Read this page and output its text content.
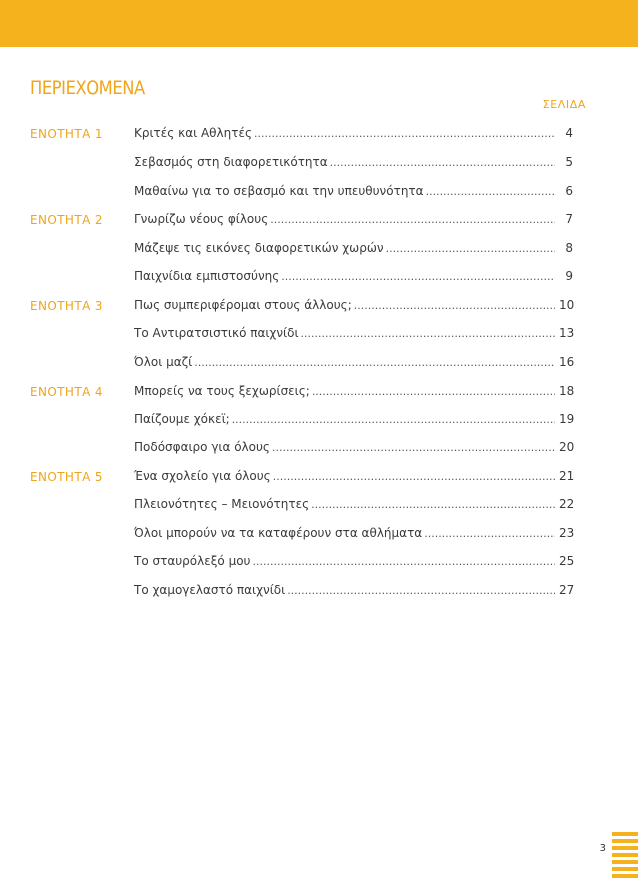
ΠΕΡΙΕΧΟΜΕΝΑ
ΣΕΛΙΔΑ
ΕΝΟΤΗΤΑ 1	Κριτές και Αθλητές .....	4
Σεβασμός στη διαφορετικότητα .....	5
Μαθαίνω για το σεβασμό και την υπευθυνότητα .....	6
ΕΝΟΤΗΤΑ 2	Γνωρίζω νέους φίλους .....	7
Μάζεψε τις εικόνες διαφορετικών χωρών .....	8
Παιχνίδια εμπιστοσύνης .....	9
ΕΝΟΤΗΤΑ 3	Πως συμπεριφέρομαι στους άλλους; .....	10
Το Αντιρατσιστικό παιχνίδι .....	13
Όλοι μαζί .....	16
ΕΝΟΤΗΤΑ 4	Μπορείς να τους ξεχωρίσεις; .....	18
Παίζουμε χόκεϊ; .....	19
Ποδόσφαιρο για όλους .....	20
ΕΝΟΤΗΤΑ 5	Ένα σχολείο για όλους .....	21
Πλειονότητες – Μειονότητες .....	22
Όλοι μπορούν να τα καταφέρουν στα αθλήματα .....	23
Το σταυρόλεξό μου .....	25
Το χαμογελαστό παιχνίδι .....	27
3
